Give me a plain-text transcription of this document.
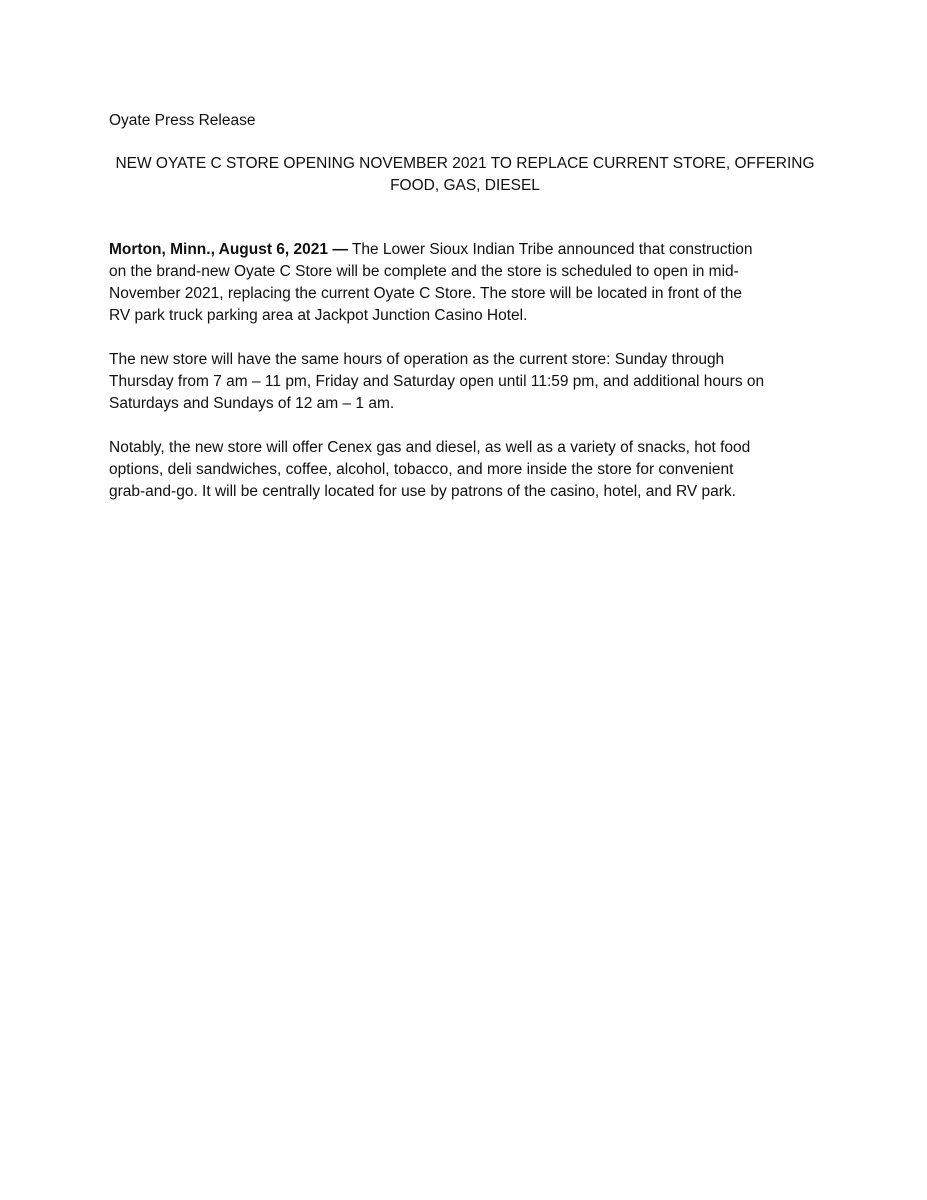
Oyate Press Release

NEW OYATE C STORE OPENING NOVEMBER 2021 TO REPLACE CURRENT STORE, OFFERING
FOOD, GAS, DIESEL

Morton, Minn., August 6, 2021 — The Lower Sioux Indian Tribe announced that construction
on the brand-new Oyate C Store will be complete and the store is scheduled to open in mid-
November 2021, replacing the current Oyate C Store. The store will be located in front of the
RV park truck parking area at Jackpot Junction Casino Hotel.

The new store will have the same hours of operation as the current store: Sunday through
Thursday from 7 am – 11 pm, Friday and Saturday open until 11:59 pm, and additional hours on
Saturdays and Sundays of 12 am – 1 am.

Notably, the new store will offer Cenex gas and diesel, as well as a variety of snacks, hot food
options, deli sandwiches, coffee, alcohol, tobacco, and more inside the store for convenient
grab-and-go. It will be centrally located for use by patrons of the casino, hotel, and RV park.
